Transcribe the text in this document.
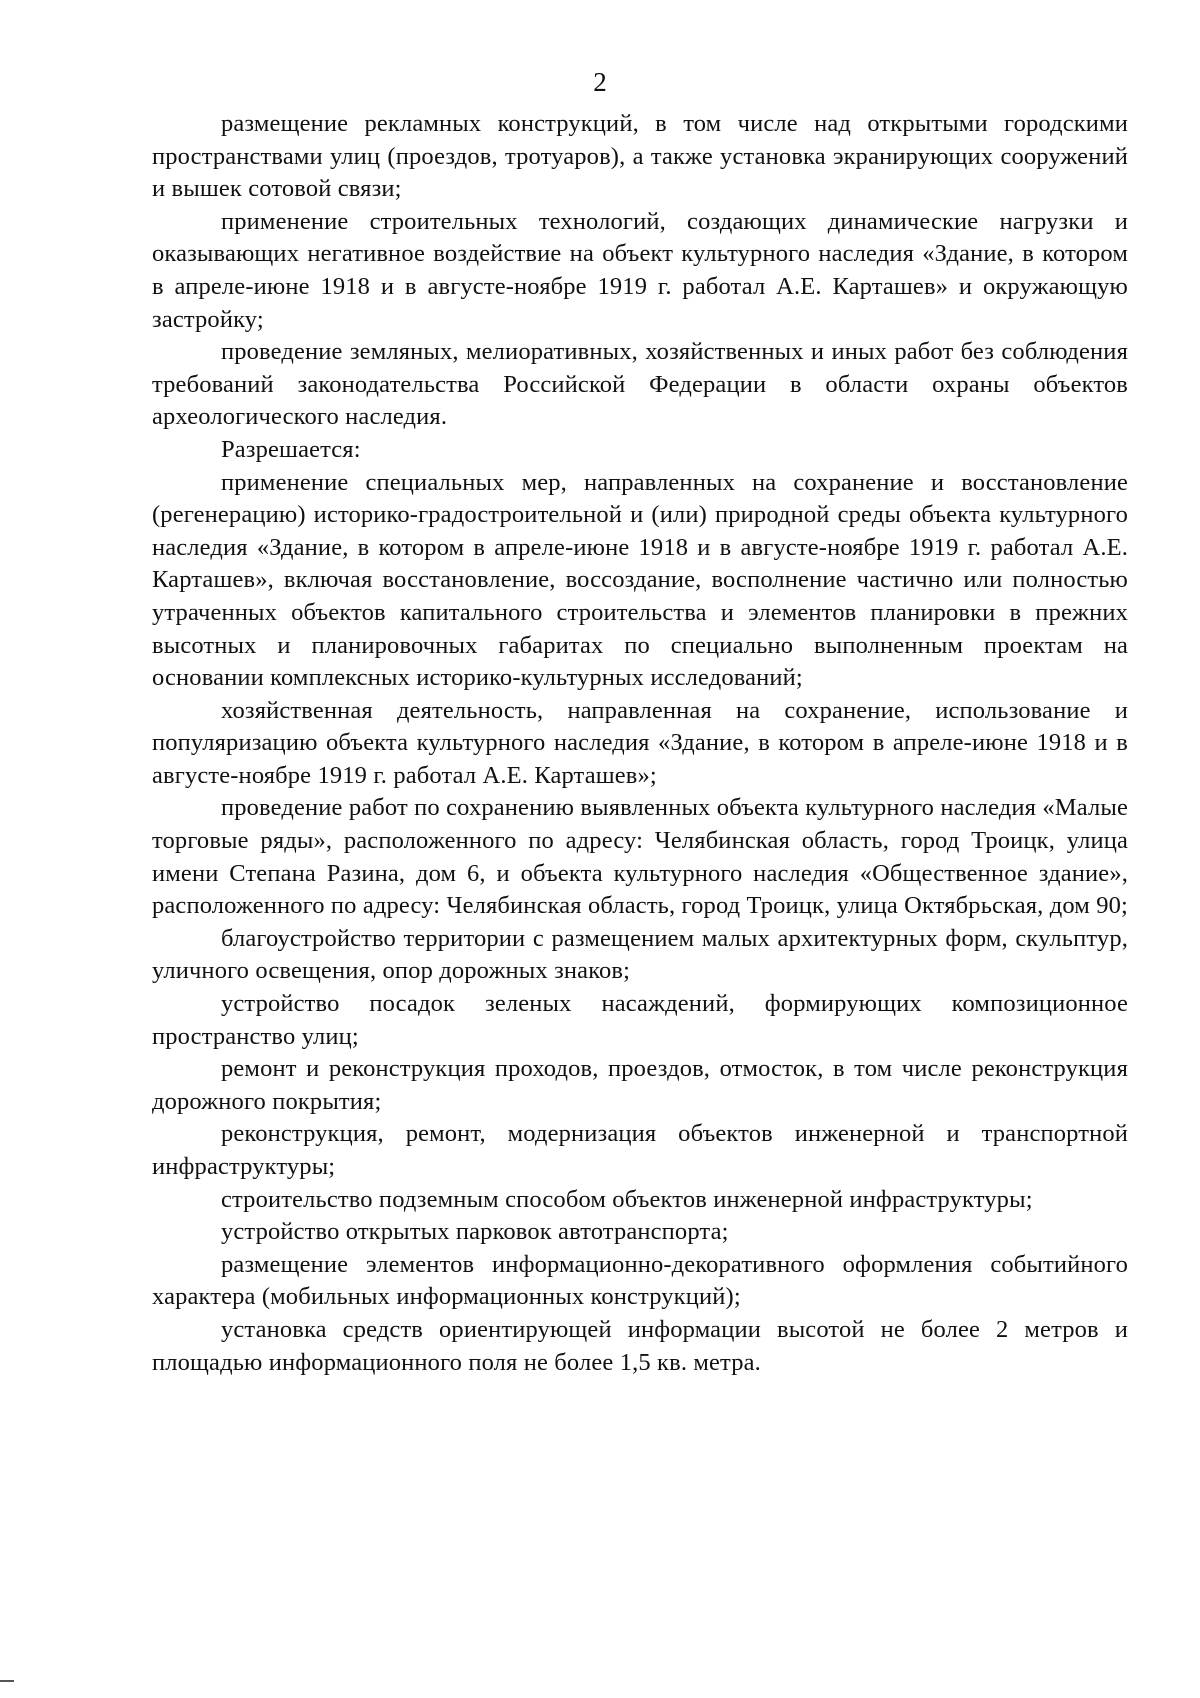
2

размещение рекламных конструкций, в том числе над открытыми городскими пространствами улиц (проездов, тротуаров), а также установка экранирующих сооружений и вышек сотовой связи;

применение строительных технологий, создающих динамические нагрузки и оказывающих негативное воздействие на объект культурного наследия «Здание, в котором в апреле-июне 1918 и в августе-ноябре 1919 г. работал А.Е. Карташев» и окружающую застройку;

проведение земляных, мелиоративных, хозяйственных и иных работ без соблюдения требований законодательства Российской Федерации в области охраны объектов археологического наследия.

Разрешается:

применение специальных мер, направленных на сохранение и восстановление (регенерацию) историко-градостроительной и (или) природной среды объекта культурного наследия «Здание, в котором в апреле-июне 1918 и в августе-ноябре 1919 г. работал А.Е. Карташев», включая восстановление, воссоздание, восполнение частично или полностью утраченных объектов капитального строительства и элементов планировки в прежних высотных и планировочных габаритах по специально выполненным проектам на основании комплексных историко-культурных исследований;

хозяйственная деятельность, направленная на сохранение, использование и популяризацию объекта культурного наследия «Здание, в котором в апреле-июне 1918 и в августе-ноябре 1919 г. работал А.Е. Карташев»;

проведение работ по сохранению выявленных объекта культурного наследия «Малые торговые ряды», расположенного по адресу: Челябинская область, город Троицк, улица имени Степана Разина, дом 6, и объекта культурного наследия «Общественное здание», расположенного по адресу: Челябинская область, город Троицк, улица Октябрьская, дом 90;

благоустройство территории с размещением малых архитектурных форм, скульптур, уличного освещения, опор дорожных знаков;

устройство посадок зеленых насаждений, формирующих композиционное пространство улиц;

ремонт и реконструкция проходов, проездов, отмосток, в том числе реконструкция дорожного покрытия;

реконструкция, ремонт, модернизация объектов инженерной и транспортной инфраструктуры;

строительство подземным способом объектов инженерной инфраструктуры;

устройство открытых парковок автотранспорта;

размещение элементов информационно-декоративного оформления событийного характера (мобильных информационных конструкций);

установка средств ориентирующей информации высотой не более 2 метров и площадью информационного поля не более 1,5 кв. метра.
